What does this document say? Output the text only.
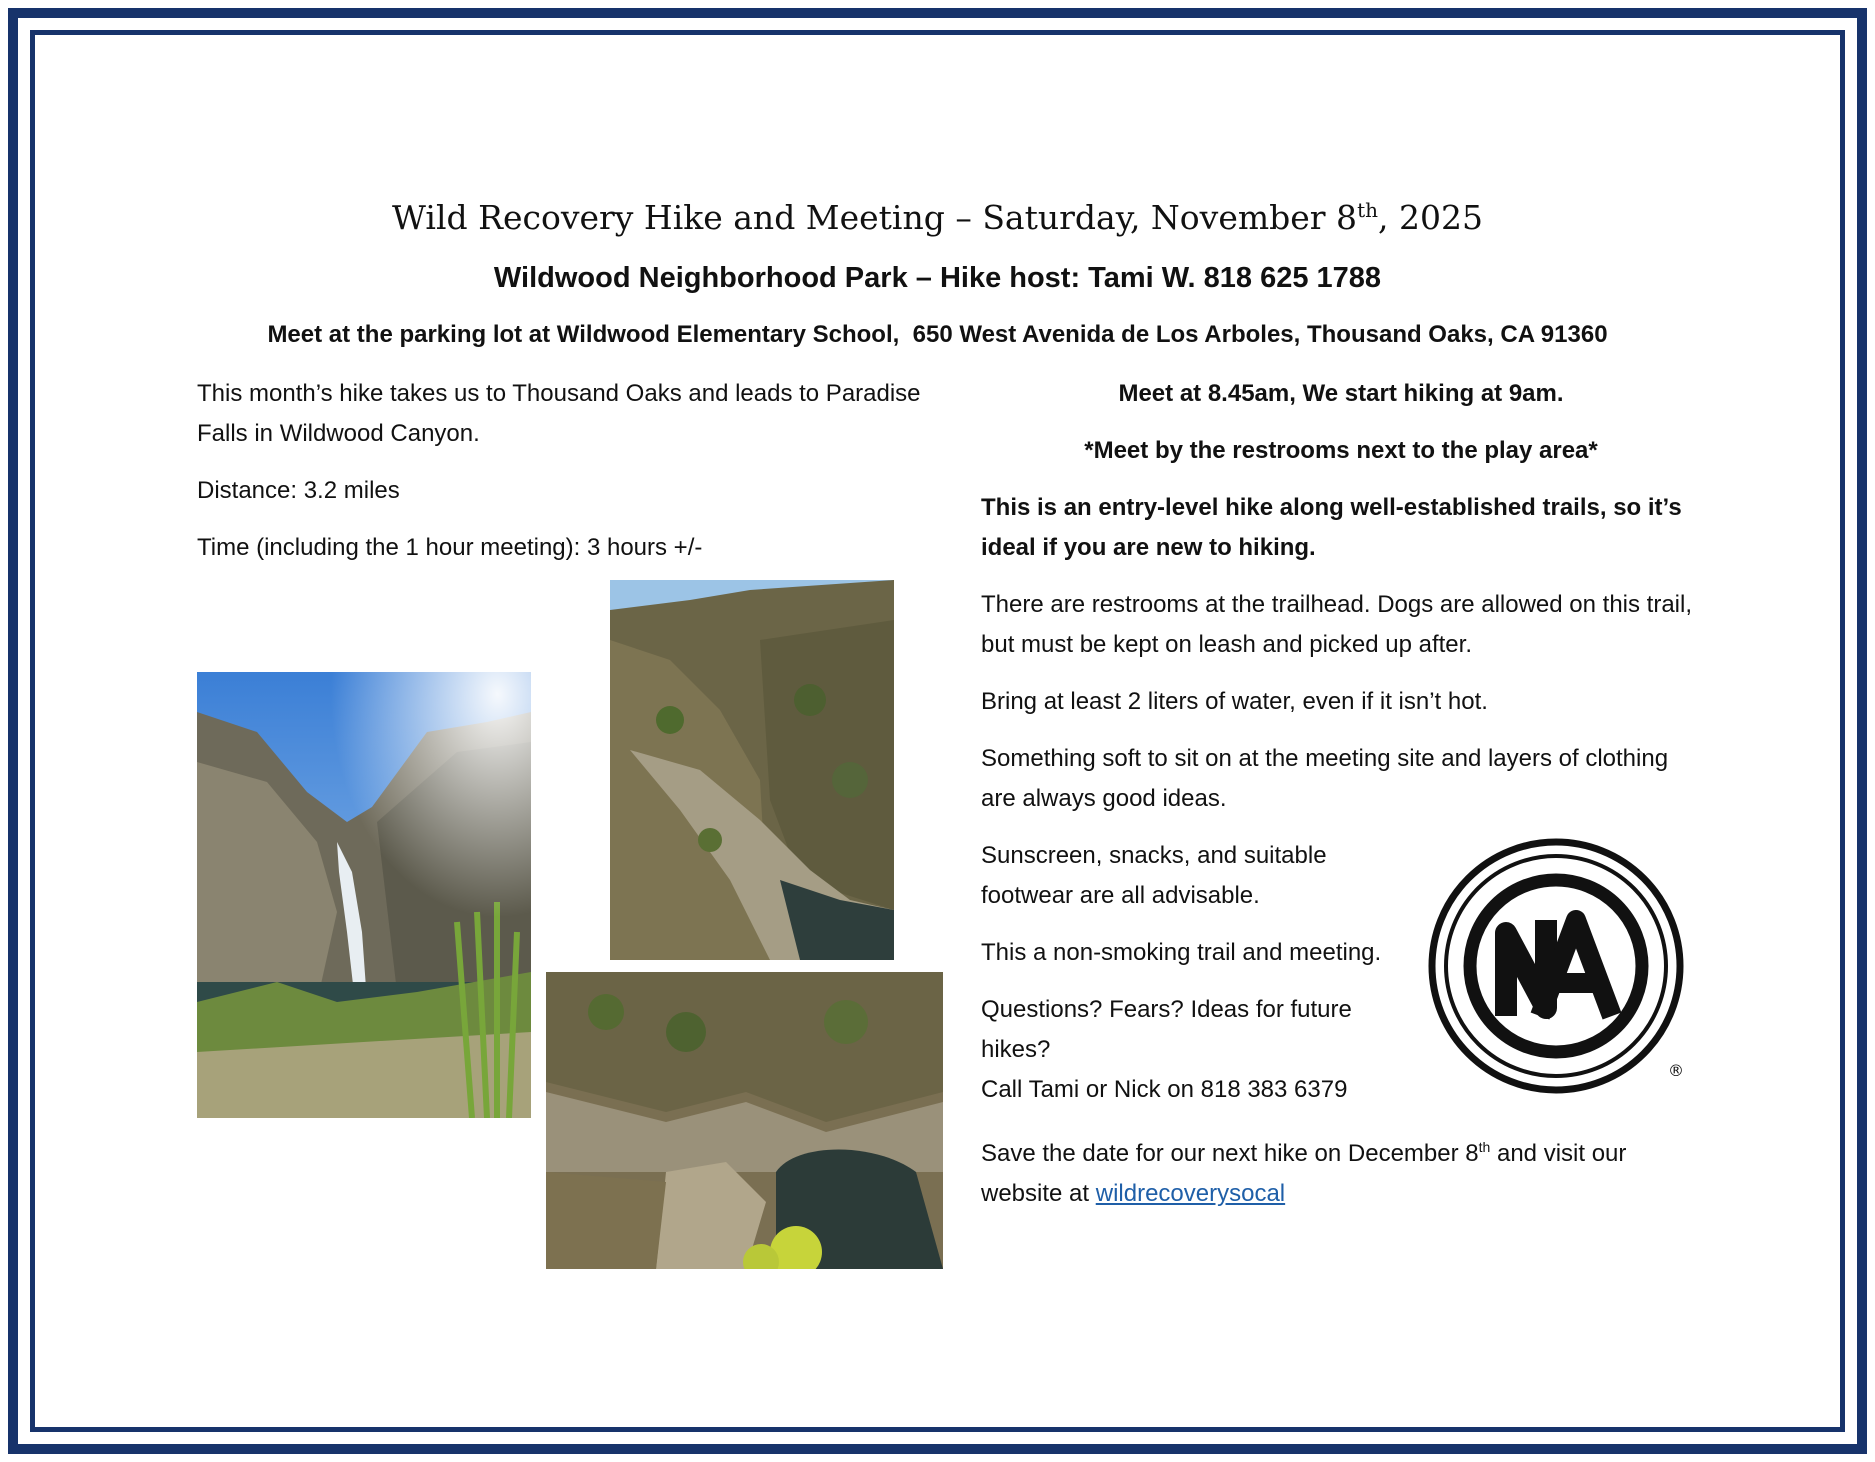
Wild Recovery Hike and Meeting – Saturday, November 8th, 2025
Wildwood Neighborhood Park – Hike host: Tami W. 818 625 1788
Meet at the parking lot at Wildwood Elementary School,  650 West Avenida de Los Arboles, Thousand Oaks, CA 91360

This month’s hike takes us to Thousand Oaks and leads to Paradise Falls in Wildwood Canyon.

Distance: 3.2 miles

Time (including the 1 hour meeting): 3 hours +/-

Meet at 8.45am, We start hiking at 9am.

*Meet by the restrooms next to the play area*

This is an entry-level hike along well-established trails, so it’s ideal if you are new to hiking.

There are restrooms at the trailhead. Dogs are allowed on this trail, but must be kept on leash and picked up after.

Bring at least 2 liters of water, even if it isn’t hot.

Something soft to sit on at the meeting site and layers of clothing are always good ideas.

Sunscreen, snacks, and suitable footwear are all advisable.

This a non-smoking trail and meeting.

Questions? Fears? Ideas for future hikes?

Call Tami or Nick on 818 383 6379

Save the date for our next hike on December 8th and visit our website at wildrecoverysocal

®
